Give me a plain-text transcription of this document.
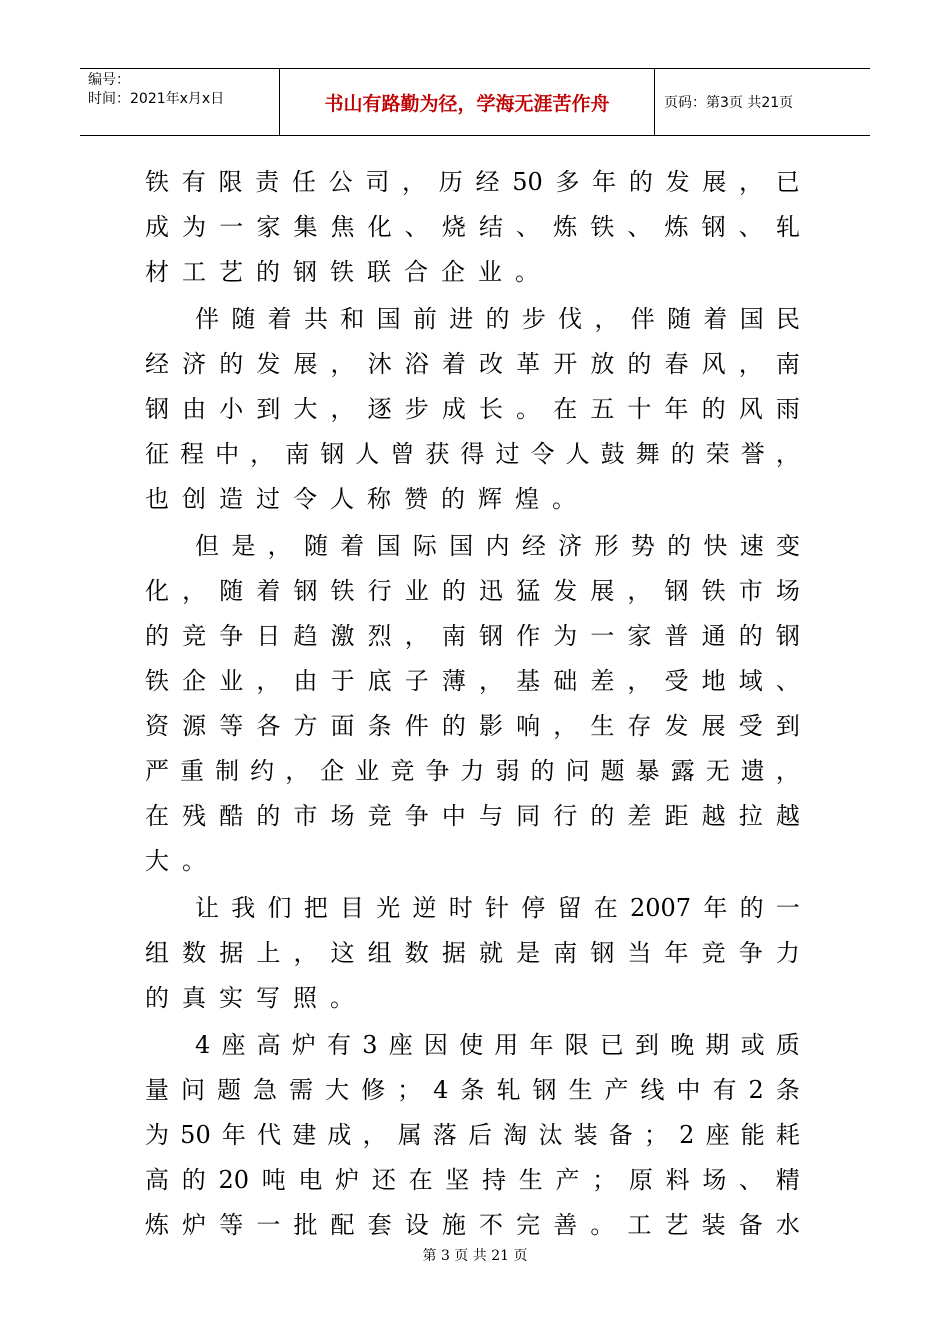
编号：
时间：2021年x月x日	书山有路勤为径，学海无涯苦作舟	页码：第3页 共21页
铁 有 限 责 任 公 司 ， 历 经 50 多 年 的 发 展 ， 已
成 为 一 家 集 焦 化 、 烧 结 、 炼 铁 、 炼 钢 、 轧
材工艺的钢铁联合企业。
伴 随 着 共 和 国 前 进 的 步 伐 ， 伴 随 着 国 民
经 济 的 发 展 ， 沐 浴 着 改 革 开 放 的 春 风 ， 南
钢 由 小 到 大 ， 逐 步 成 长 。 在 五 十 年 的 风 雨
征 程 中 ， 南 钢 人 曾 获 得 过 令 人 鼓 舞 的 荣 誉 ，
也创造过令人称赞的辉煌。
但 是 ， 随 着 国 际 国 内 经 济 形 势 的 快 速 变
化 ， 随 着 钢 铁 行 业 的 迅 猛 发 展 ， 钢 铁 市 场
的 竞 争 日 趋 激 烈 ， 南 钢 作 为 一 家 普 通 的 钢
铁 企 业 ， 由 于 底 子 薄 ， 基 础 差 ， 受 地 域 、
资 源 等 各 方 面 条 件 的 影 响 ， 生 存 发 展 受 到
严 重 制 约 ， 企 业 竞 争 力 弱 的 问 题 暴 露 无 遗 ，
在 残 酷 的 市 场 竞 争 中 与 同 行 的 差 距 越 拉 越
大。
让 我 们 把 目 光 逆 时 针 停 留 在 2007 年 的 一
组 数 据 上 ， 这 组 数 据 就 是 南 钢 当 年 竞 争 力
的真实写照。
4 座 高 炉 有 3 座 因 使 用 年 限 已 到 晚 期 或 质
量 问 题 急 需 大 修 ； 4 条 轧 钢 生 产 线 中 有 2 条
为 50 年 代 建 成 ， 属 落 后 淘 汰 装 备 ； 2 座 能 耗
高 的 20 吨 电 炉 还 在 坚 持 生 产 ； 原 料 场 、 精
炼 炉 等 一 批 配 套 设 施 不 完 善 。 工 艺 装 备 水
第 3 页 共 21 页
